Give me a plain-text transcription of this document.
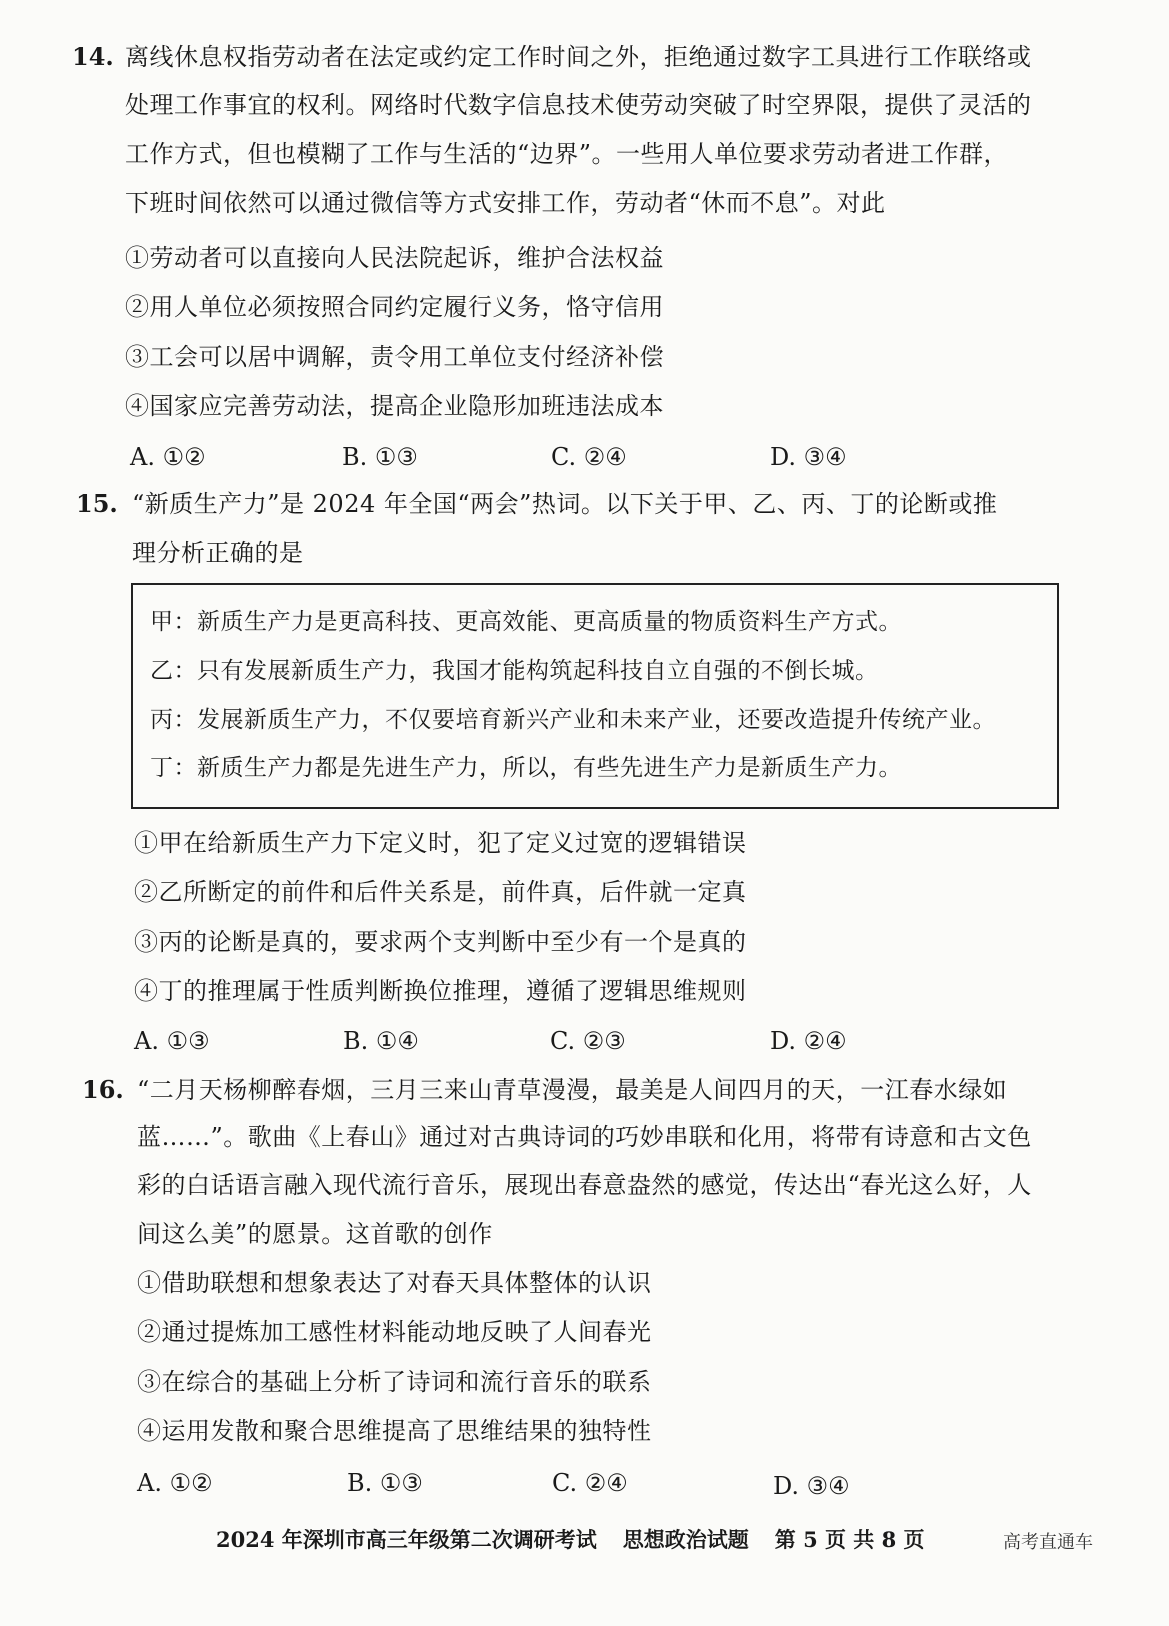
14. 离线休息权指劳动者在法定或约定工作时间之外，拒绝通过数字工具进行工作联络或
处理工作事宜的权利。网络时代数字信息技术使劳动突破了时空界限，提供了灵活的
工作方式，但也模糊了工作与生活的“边界”。一些用人单位要求劳动者进工作群，
下班时间依然可以通过微信等方式安排工作，劳动者“休而不息”。对此
①劳动者可以直接向人民法院起诉，维护合法权益
②用人单位必须按照合同约定履行义务，恪守信用
③工会可以居中调解，责令用工单位支付经济补偿
④国家应完善劳动法，提高企业隐形加班违法成本
A. ①②	B. ①③	C. ②④	D. ③④
15. “新质生产力”是 2024 年全国“两会”热词。以下关于甲、乙、丙、丁的论断或推
理分析正确的是
甲：新质生产力是更高科技、更高效能、更高质量的物质资料生产方式。
乙：只有发展新质生产力，我国才能构筑起科技自立自强的不倒长城。
丙：发展新质生产力，不仅要培育新兴产业和未来产业，还要改造提升传统产业。
丁：新质生产力都是先进生产力，所以，有些先进生产力是新质生产力。
①甲在给新质生产力下定义时，犯了定义过宽的逻辑错误
②乙所断定的前件和后件关系是，前件真，后件就一定真
③丙的论断是真的，要求两个支判断中至少有一个是真的
④丁的推理属于性质判断换位推理，遵循了逻辑思维规则
A. ①③	B. ①④	C. ②③	D. ②④
16. “二月天杨柳醉春烟，三月三来山青草漫漫，最美是人间四月的天，一江春水绿如
蓝……”。歌曲《上春山》通过对古典诗词的巧妙串联和化用，将带有诗意和古文色
彩的白话语言融入现代流行音乐，展现出春意盎然的感觉，传达出“春光这么好，人
间这么美”的愿景。这首歌的创作
①借助联想和想象表达了对春天具体整体的认识
②通过提炼加工感性材料能动地反映了人间春光
③在综合的基础上分析了诗词和流行音乐的联系
④运用发散和聚合思维提高了思维结果的独特性
A. ①②	B. ①③	C. ②④	D. ③④
2024 年深圳市高三年级第二次调研考试 思想政治试题 第 5 页 共 8 页	高考直通车
